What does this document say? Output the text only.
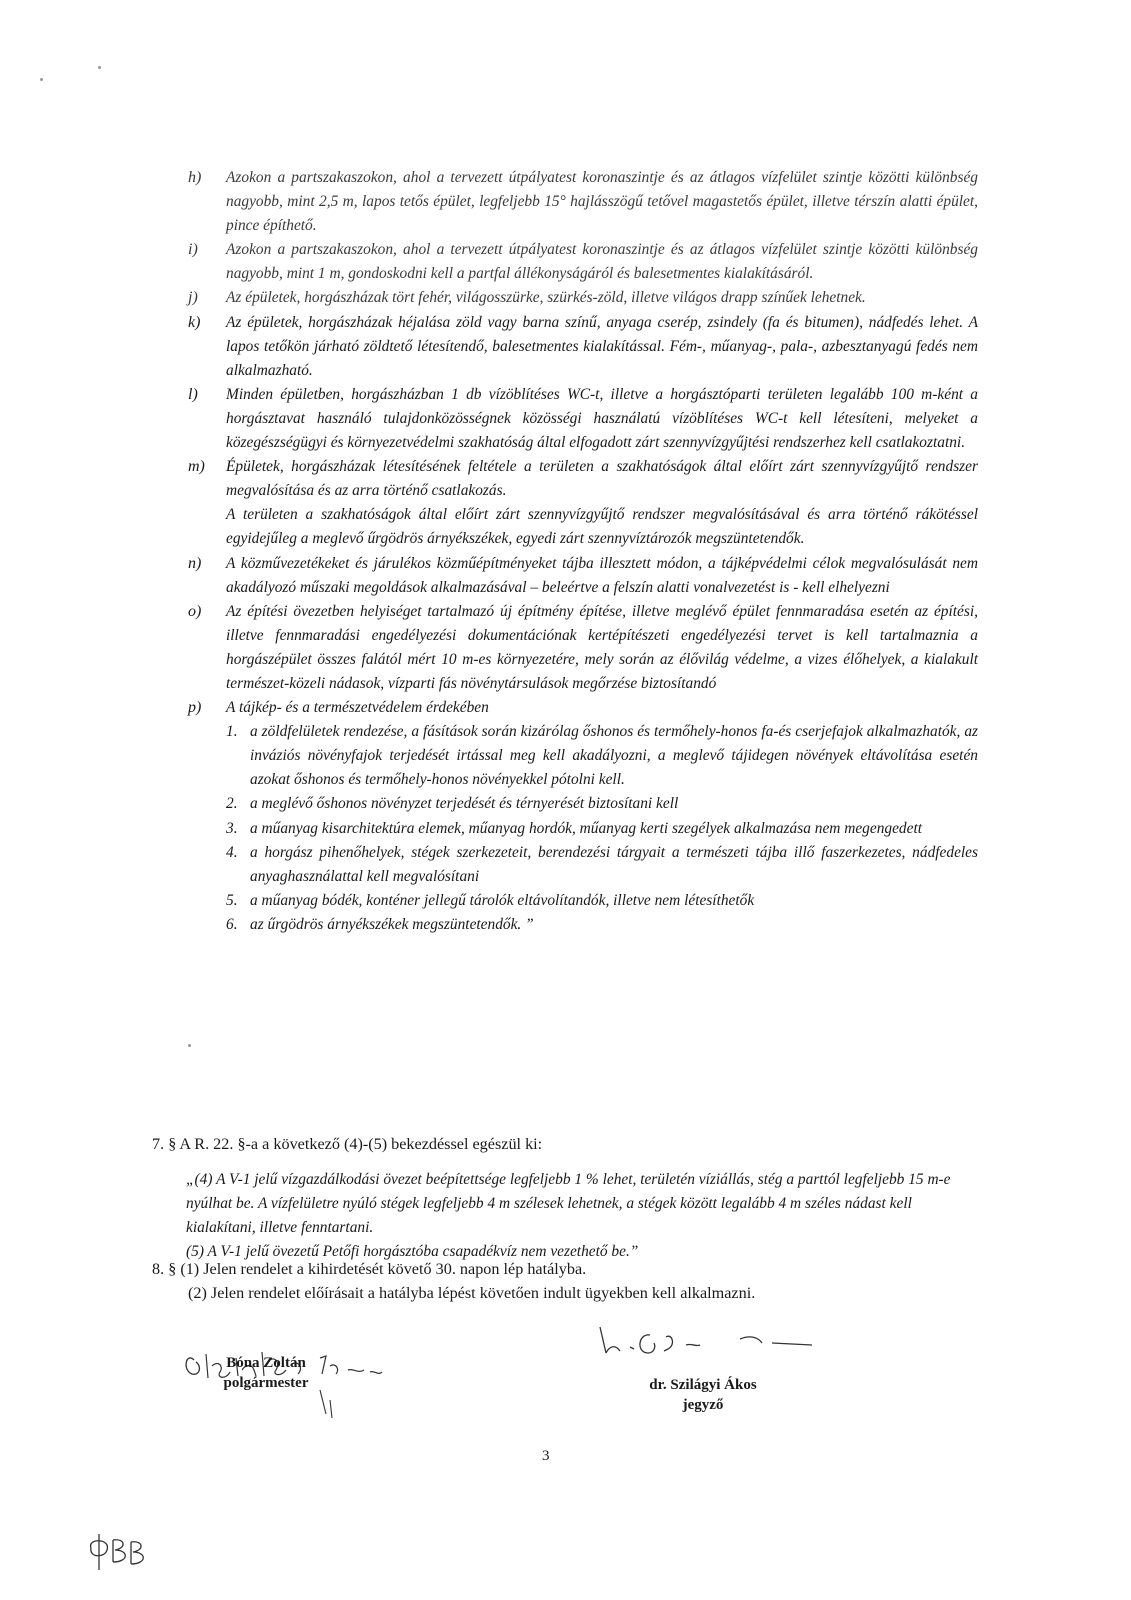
h) Azokon a partszakaszokon, ahol a tervezett útpályatest koronaszintje és az átlagos vízfelület szintje közötti különbség nagyobb, mint 2,5 m, lapos tetős épület, legfeljebb 15° hajlásszögű tetővel magastetős épület, illetve térszín alatti épület, pince építhető.

i) Azokon a partszakaszokon, ahol a tervezett útpályatest koronaszintje és az átlagos vízfelület szintje közötti különbség nagyobb, mint 1 m, gondoskodni kell a partfal állékonyságáról és balesetmentes kialakításáról.

j) Az épületek, horgászházak tört fehér, világosszürke, szürkés-zöld, illetve világos drapp színűek lehetnek.

k) Az épületek, horgászházak héjalása zöld vagy barna színű, anyaga cserép, zsindely (fa és bitumen), nádfedés lehet. A lapos tetőkön járható zöldtető létesítendő, balesetmentes kialakítással. Fém-, műanyag-, pala-, azbesztanyagú fedés nem alkalmazható.

l) Minden épületben, horgászházban 1 db vízöblítéses WC-t, illetve a horgásztóparti területen legalább 100 m-ként a horgásztavat használó tulajdonközösségnek közösségi használatú vízöblítéses WC-t kell létesíteni, melyeket a közegészségügyi és környezetvédelmi szakhatóság által elfogadott zárt szennyvízgyűjtési rendszerhez kell csatlakoztatni.

m) Épületek, horgászházak létesítésének feltétele a területen a szakhatóságok által előírt zárt szennyvízgyűjtő rendszer megvalósítása és az arra történő csatlakozás.

A területen a szakhatóságok által előírt zárt szennyvízgyűjtő rendszer megvalósításával és arra történő rákötéssel egyidejűleg a meglevő űrgödrös árnyékszékek, egyedi zárt szennyvíztározók megszüntetendők.

n) A közművezetékeket és járulékos közműépítményeket tájba illesztett módon, a tájképvédelmi célok megvalósulását nem akadályozó műszaki megoldások alkalmazásával – beleértve a felszín alatti vonalvezetést is - kell elhelyezni

o) Az építési övezetben helyiséget tartalmazó új építmény építése, illetve meglévő épület fennmaradása esetén az építési, illetve fennmaradási engedélyezési dokumentációnak kertépítészeti engedélyezési tervet is kell tartalmaznia a horgászépület összes falától mért 10 m-es környezetére, mely során az élővilág védelme, a vizes élőhelyek, a kialakult természet-közeli nádasok, vízparti fás növénytársulások megőrzése biztosítandó

p) A tájkép- és a természetvédelem érdekében

1. a zöldfelületek rendezése, a fásítások során kizárólag őshonos és termőhely-honos fa-és cserjefajok alkalmazhatók, az inváziós növényfajok terjedését irtással meg kell akadályozni, a meglevő tájidegen növények eltávolítása esetén azokat őshonos és termőhely-honos növényekkel pótolni kell.
2. a meglévő őshonos növényzet terjedését és térnyerését biztosítani kell
3. a műanyag kisarchitektúra elemek, műanyag hordók, műanyag kerti szegélyek alkalmazása nem megengedett
4. a horgász pihenőhelyek, stégek szerkezeteit, berendezési tárgyait a természeti tájba illő faszerkezetes, nádfedeles anyaghasználattal kell megvalósítani
5. a műanyag bódék, konténer jellegű tárolók eltávolítandók, illetve nem létesíthetők
6. az űrgödrös árnyékszékek megszüntetendők. ”
7. § A R. 22. §-a a következő (4)-(5) bekezdéssel egészül ki:

„(4) A V-1 jelű vízgazdálkodási övezet beépítettsége legfeljebb 1 % lehet, területén víziállás, stég a parttól legfeljebb 15 m-e nyúlhat be. A vízfelületre nyúló stégek legfeljebb 4 m szélesek lehetnek, a stégek között legalább 4 m széles nádast kell kialakítani, illetve fenntartani.

(5) A V-1 jelű övezetű Petőfi horgásztóba csapadékvíz nem vezethető be.”

8. § (1) Jelen rendelet a kihirdetését követő 30. napon lép hatályba.

(2) Jelen rendelet előírásait a hatályba lépést követően indult ügyekben kell alkalmazni.

Bóna Zoltán
polgármester	dr. Szilágyi Ákos
jegyző
3
